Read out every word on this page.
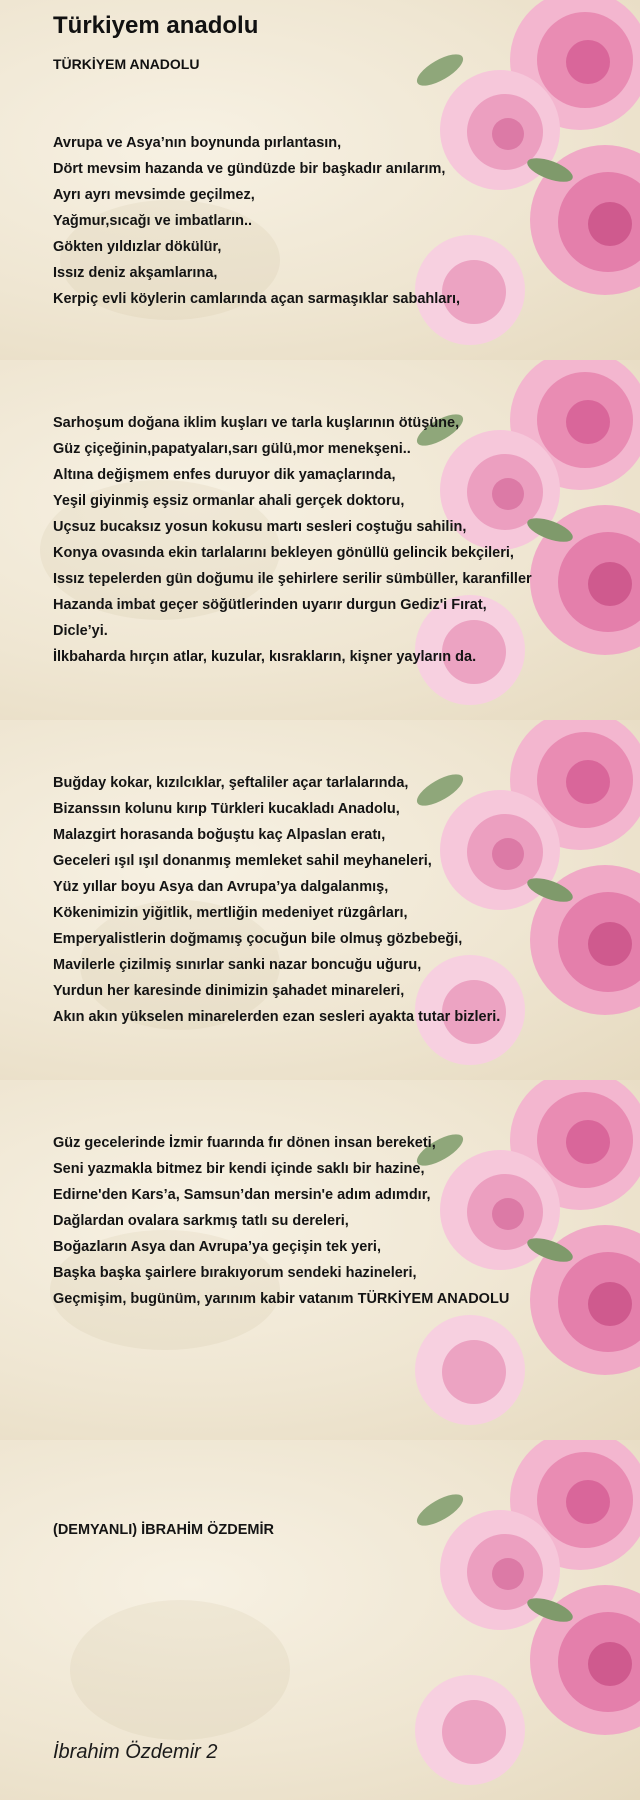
Türkiyem anadolu
TÜRKİYEM ANADOLU
Avrupa ve Asya’nın boynunda pırlantasın,
Dört mevsim hazanda ve gündüzde bir başkadır anılarım,
Ayrı ayrı mevsimde geçilmez,
Yağmur,sıcağı ve imbatların..
Gökten yıldızlar dökülür,
Issız deniz akşamlarına,
Kerpiç evli köylerin camlarında açan sarmaşıklar sabahları,
Sarhoşum doğana iklim kuşları ve tarla kuşlarının ötüşüne,
Güz çiçeğinin,papatyaları,sarı gülü,mor menekşeni..
Altına değişmem enfes duruyor dik yamaçlarında,
Yeşil giyinmiş eşsiz ormanlar ahali gerçek doktoru,
Uçsuz bucaksız yosun kokusu martı sesleri coştuğu sahilin,
Konya ovasında ekin tarlalarını bekleyen gönüllü gelincik bekçileri,
Issız tepelerden gün doğumu ile şehirlere serilir sümbüller, karanfiller
Hazanda imbat geçer söğütlerinden uyarır durgun Gediz'i Fırat,
Dicle’yi.
İlkbaharda hırçın atlar, kuzular, kısrakların, kişner yayların da.
Buğday kokar, kızılcıklar, şeftaliler açar tarlalarında,
Bizanssın kolunu kırıp Türkleri kucakladı Anadolu,
Malazgirt horasanda boğuştu kaç Alpaslan eratı,
Geceleri ışıl ışıl donanmış memleket sahil meyhaneleri,
Yüz yıllar boyu Asya dan Avrupa’ya dalgalanmış,
Kökenimizin yiğitlik, mertliğin medeniyet rüzgârları,
Emperyalistlerin doğmamış çocuğun bile olmuş gözbebeği,
Mavilerle çizilmiş sınırlar sanki nazar boncuğu uğuru,
Yurdun her karesinde dinimizin şahadet minareleri,
Akın akın yükselen minarelerden ezan sesleri ayakta tutar bizleri.
Güz gecelerinde İzmir fuarında fır dönen insan bereketi,
Seni yazmakla bitmez bir kendi içinde saklı bir hazine,
Edirne'den Kars’a, Samsun’dan mersin'e adım adımdır,
Dağlardan ovalara sarkmış tatlı su dereleri,
Boğazların Asya dan Avrupa’ya geçişin tek yeri,
Başka başka şairlere bırakıyorum sendeki hazineleri,
Geçmişim, bugünüm, yarınım kabir vatanım TÜRKİYEM ANADOLU
(DEMYANLI) İBRAHİM ÖZDEMİR
İbrahim Özdemir 2
